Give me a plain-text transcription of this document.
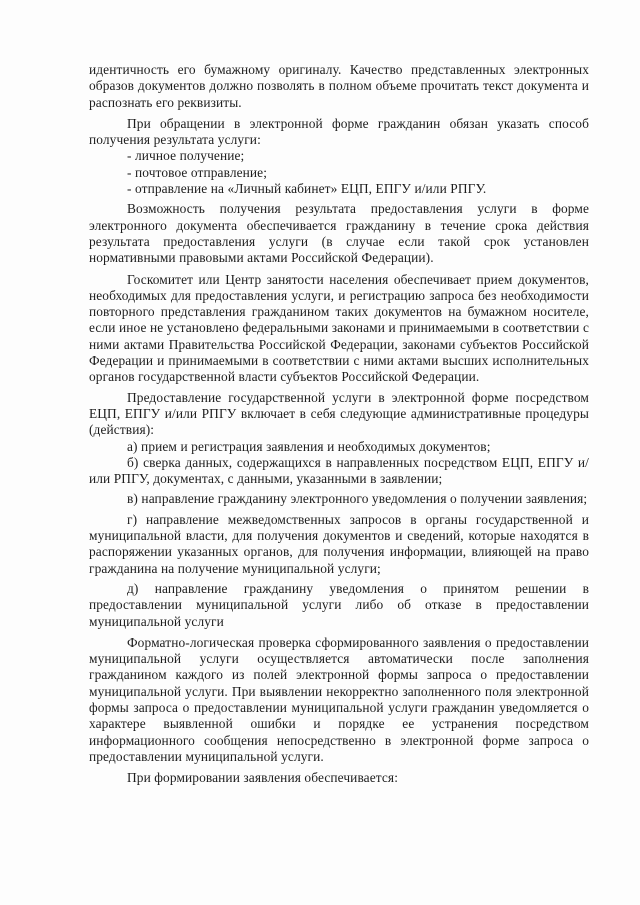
идентичность его бумажному оригиналу. Качество представленных электронных образов документов должно позволять в полном объеме прочитать текст документа и распознать его реквизиты.

При обращении в электронной форме гражданин обязан указать способ получения результата услуги:

- личное получение;

- почтовое отправление;

- отправление на «Личный кабинет» ЕЦП, ЕПГУ и/или РПГУ.

Возможность получения результата предоставления услуги в форме электронного документа обеспечивается гражданину в течение срока действия результата предоставления услуги (в случае если такой срок установлен нормативными правовыми актами Российской Федерации).

Госкомитет или Центр занятости населения обеспечивает прием документов, необходимых для предоставления услуги, и регистрацию запроса без необходимости повторного представления гражданином таких документов на бумажном носителе, если иное не установлено федеральными законами и принимаемыми в соответствии с ними актами Правительства Российской Федерации, законами субъектов Российской Федерации и принимаемыми в соответствии с ними актами высших исполнительных органов государственной власти субъектов Российской Федерации.

Предоставление государственной услуги в электронной форме посредством ЕЦП, ЕПГУ и/или РПГУ включает в себя следующие административные процедуры (действия):

а) прием и регистрация заявления и необходимых документов;

б) сверка данных, содержащихся в направленных посредством ЕЦП, ЕПГУ и/или РПГУ, документах, с данными, указанными в заявлении;

в) направление гражданину электронного уведомления о получении заявления;

г) направление межведомственных запросов в органы государственной и муниципальной власти, для получения документов и сведений, которые находятся в распоряжении указанных органов, для получения информации, влияющей на право гражданина на получение муниципальной услуги;

д) направление гражданину уведомления о принятом решении в предоставлении муниципальной услуги либо об отказе в предоставлении муниципальной услуги

Форматно-логическая проверка сформированного заявления о предоставлении муниципальной услуги осуществляется автоматически после заполнения гражданином каждого из полей электронной формы запроса о предоставлении муниципальной услуги. При выявлении некорректно заполненного поля электронной формы запроса о предоставлении муниципальной услуги гражданин уведомляется о характере выявленной ошибки и порядке ее устранения посредством информационного сообщения непосредственно в электронной форме запроса о предоставлении муниципальной услуги.

При формировании заявления обеспечивается:
